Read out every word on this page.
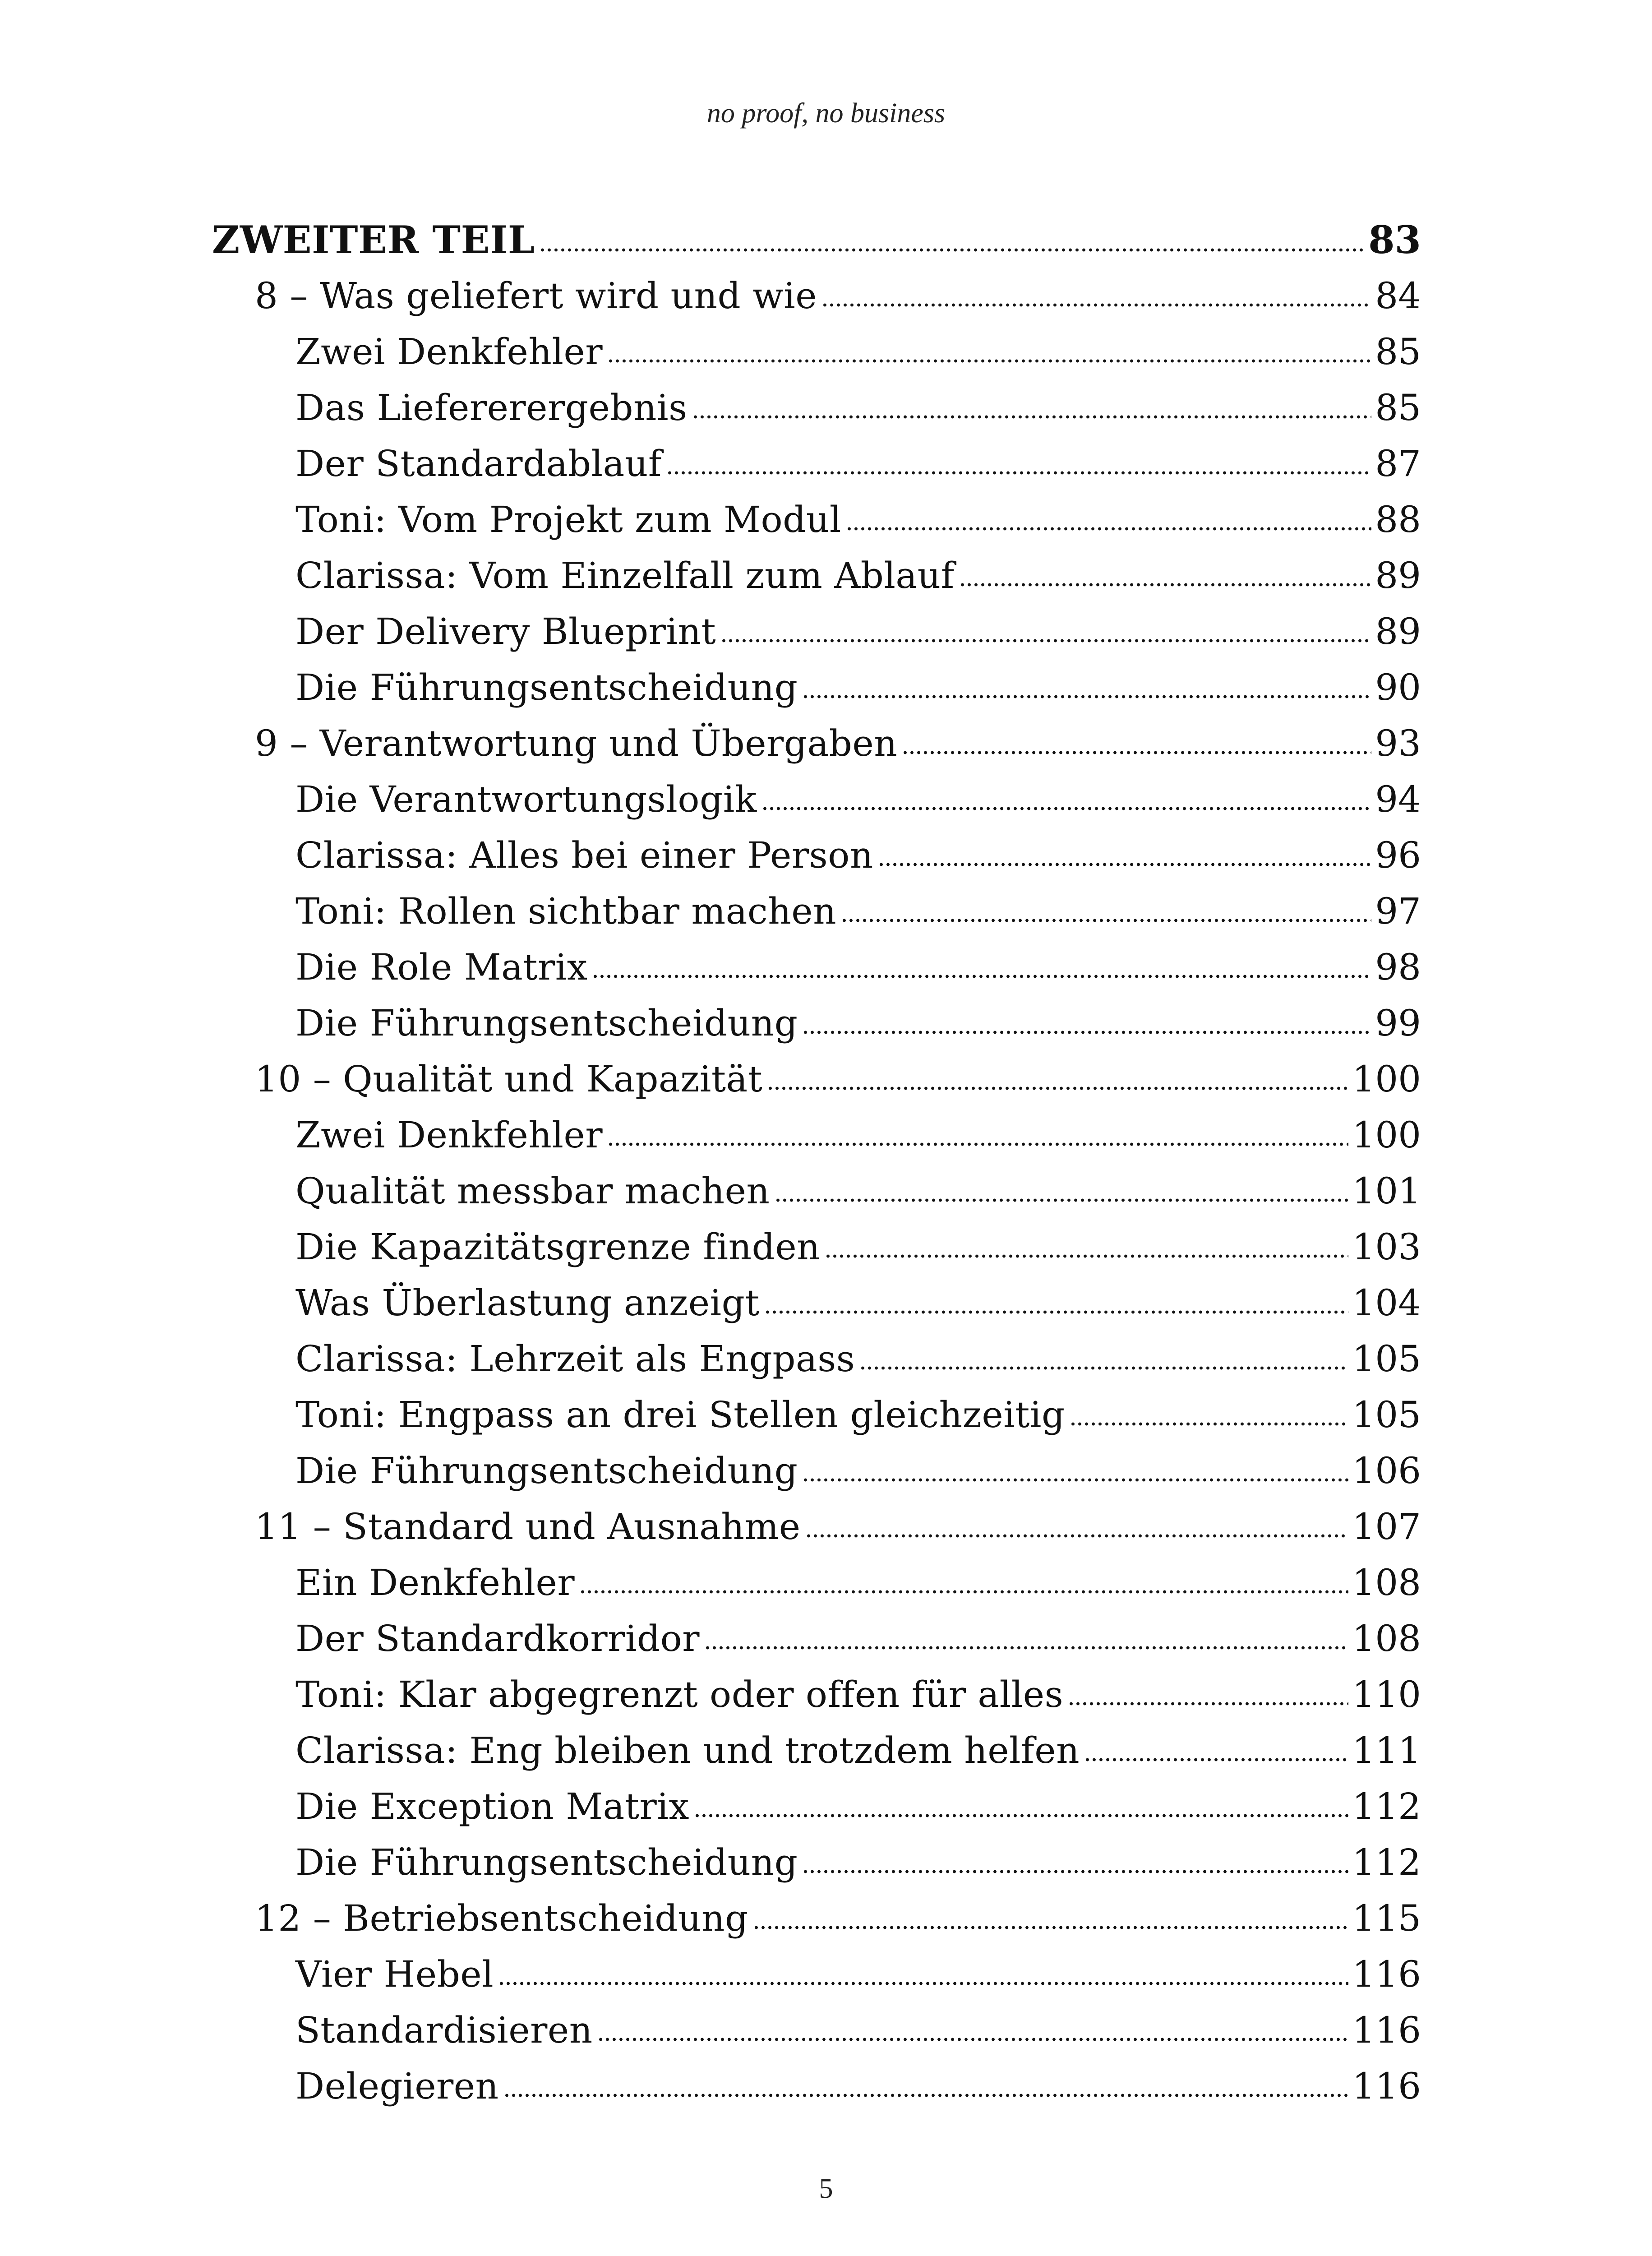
no proof, no business
ZWEITER TEIL	83
8 – Was geliefert wird und wie	84
Zwei Denkfehler	85
Das Liefererergebnis	85
Der Standardablauf	87
Toni: Vom Projekt zum Modul	88
Clarissa: Vom Einzelfall zum Ablauf	89
Der Delivery Blueprint	89
Die Führungsentscheidung	90
9 – Verantwortung und Übergaben	93
Die Verantwortungslogik	94
Clarissa: Alles bei einer Person	96
Toni: Rollen sichtbar machen	97
Die Role Matrix	98
Die Führungsentscheidung	99
10 – Qualität und Kapazität	100
Zwei Denkfehler	100
Qualität messbar machen	101
Die Kapazitätsgrenze finden	103
Was Überlastung anzeigt	104
Clarissa: Lehrzeit als Engpass	105
Toni: Engpass an drei Stellen gleichzeitig	105
Die Führungsentscheidung	106
11 – Standard und Ausnahme	107
Ein Denkfehler	108
Der Standardkorridor	108
Toni: Klar abgegrenzt oder offen für alles	110
Clarissa: Eng bleiben und trotzdem helfen	111
Die Exception Matrix	112
Die Führungsentscheidung	112
12 – Betriebsentscheidung	115
Vier Hebel	116
Standardisieren	116
Delegieren	116
5
